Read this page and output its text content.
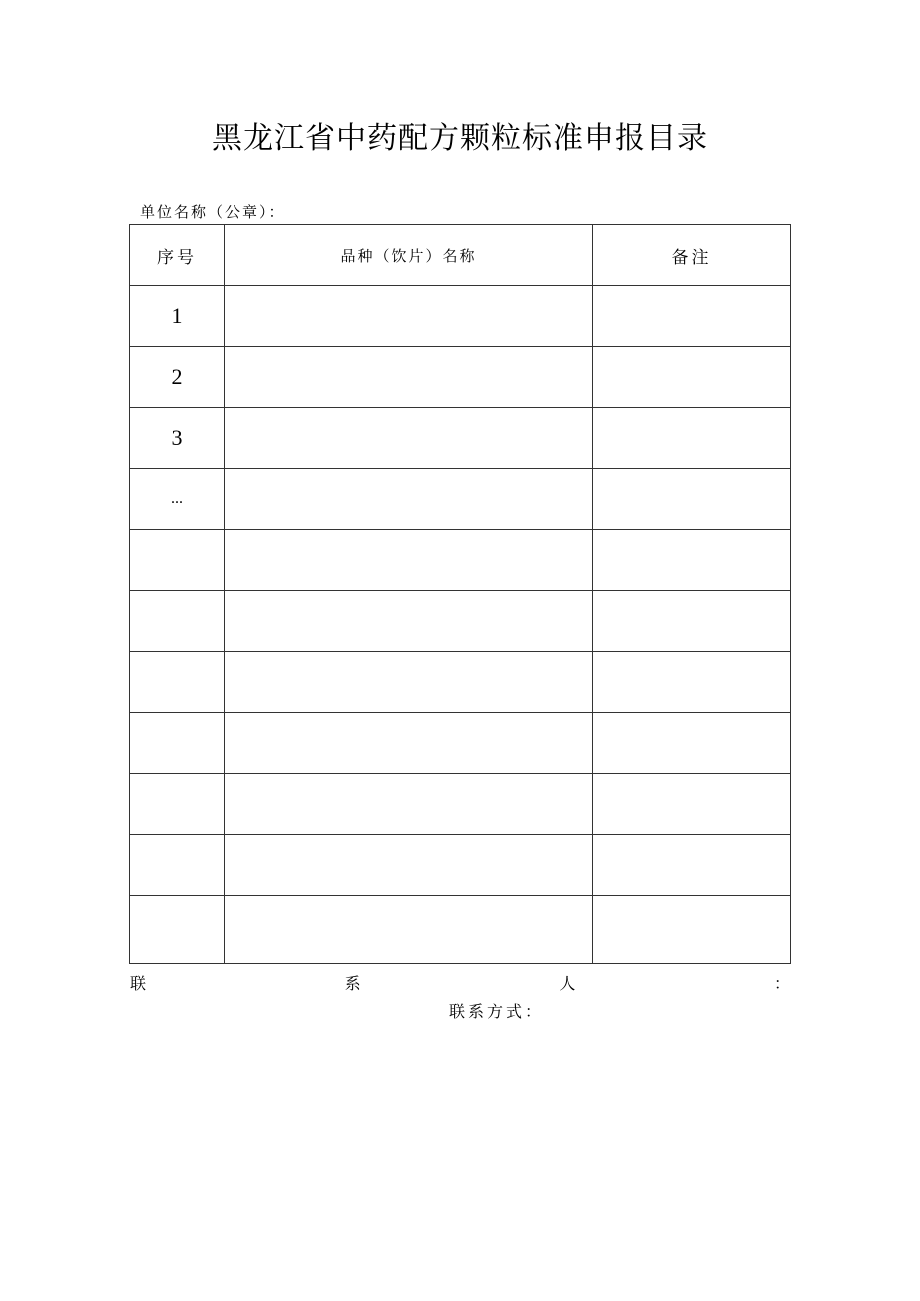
黑龙江省中药配方颗粒标准申报目录
单位名称（公章）：
序号	品种（饮片）名称	备注
1		
2		
3		
...		

联	系	人	：
联系方式：
